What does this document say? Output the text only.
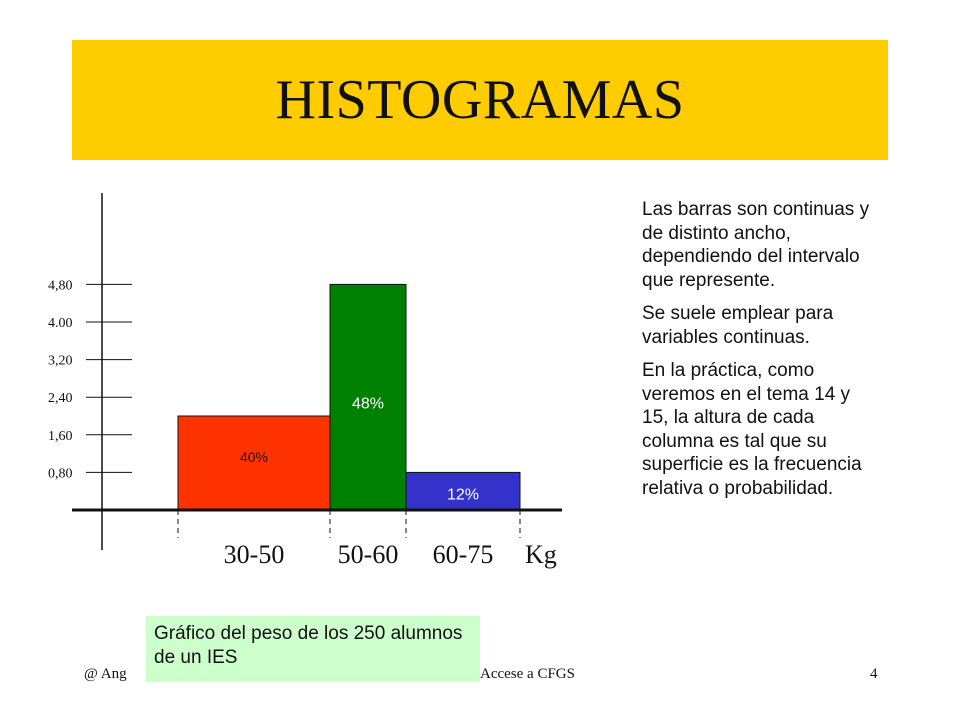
HISTOGRAMAS
0,80
1,60
2,40
3,20
4.00
4,80
40%
48%
12%
30-50 50-60 60-75 Kg

Las barras son continuas y de distinto ancho, dependiendo del intervalo que represente.

Se suele emplear para variables continuas.

En la práctica, como veremos en el tema 14 y 15, la altura de cada columna es tal que su superficie es la frecuencia relativa o probabilidad.

@ Ang	Accese a CFGS	4
Gráfico del peso de los 250 alumnos de un IES
